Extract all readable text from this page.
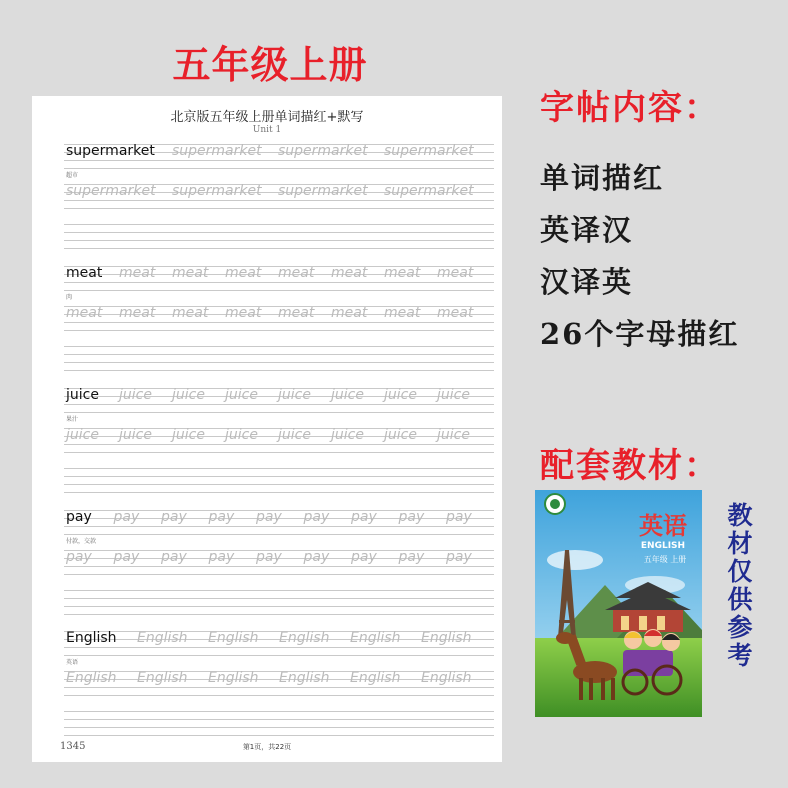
五年级上册
北京版五年级上册单词描红+默写
Unit 1
supermarket	supermarket	supermarket	supermarket
超市
supermarket	supermarket	supermarket	supermarket
meat	meat	meat	meat	meat	meat	meat	meat
肉
meat	meat	meat	meat	meat	meat	meat	meat
juice	juice	juice	juice	juice	juice	juice	juice
果汁
juice	juice	juice	juice	juice	juice	juice	juice
pay	pay	pay	pay	pay	pay	pay	pay	pay
付款，交款
pay	pay	pay	pay	pay	pay	pay	pay	pay
English	English	English	English	English	English
英语
English	English	English	English	English	English
1345	第1页，共22页
字帖内容：
单词描红
英译汉
汉译英
26个字母描红
配套教材：
英语
ENGLISH
五年级 上册 教材仅供参考
